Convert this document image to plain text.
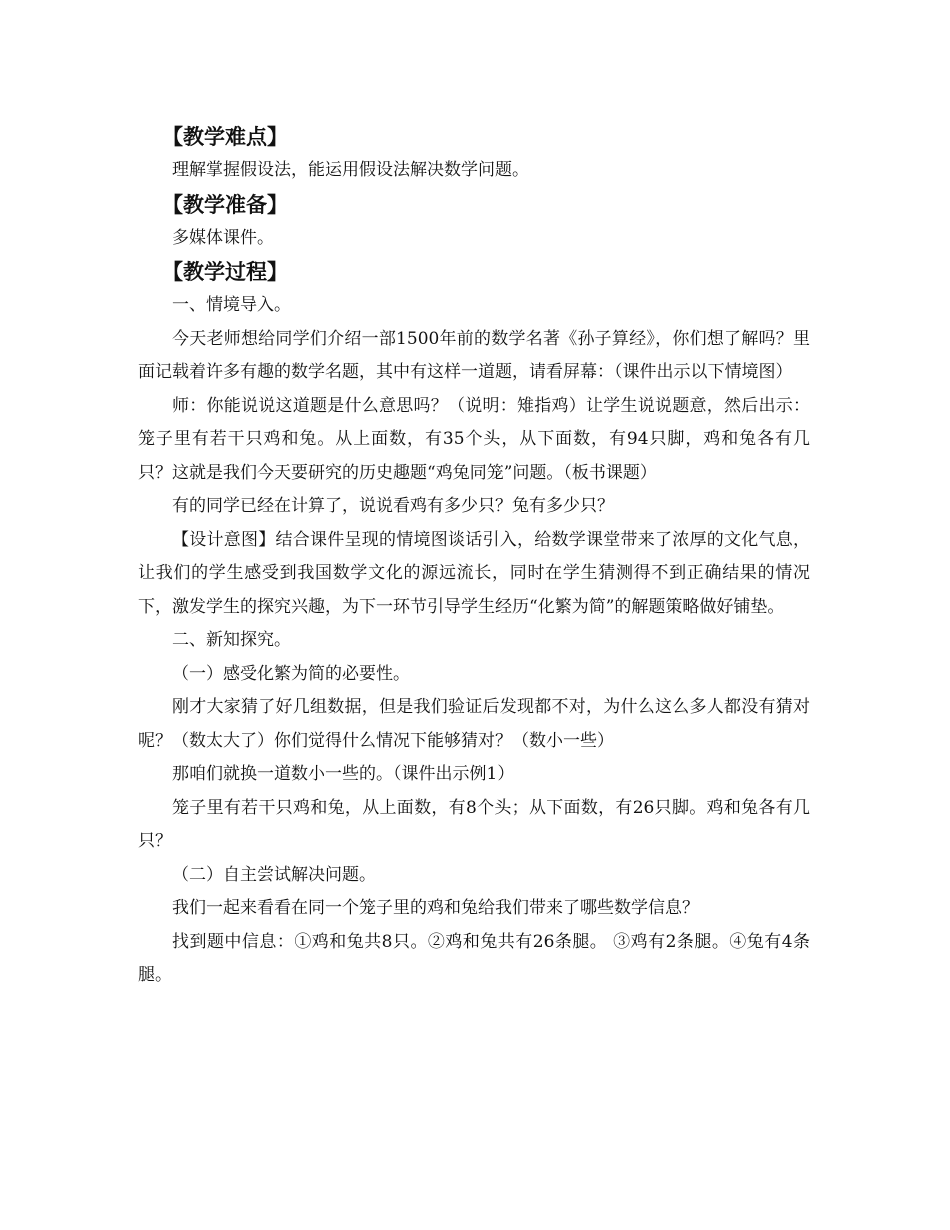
【教学难点】

理解掌握假设法，能运用假设法解决数学问题。

【教学准备】

多媒体课件。

【教学过程】

一、情境导入。

今天老师想给同学们介绍一部1500年前的数学名著《孙子算经》，你们想了解吗？里面记载着许多有趣的数学名题，其中有这样一道题，请看屏幕：（课件出示以下情境图）

师：你能说说这道题是什么意思吗？（说明：雉指鸡）让学生说说题意，然后出示：笼子里有若干只鸡和兔。从上面数，有35个头，从下面数，有94只脚，鸡和兔各有几只？这就是我们今天要研究的历史趣题“鸡兔同笼”问题。（板书课题）

有的同学已经在计算了，说说看鸡有多少只？兔有多少只？

【设计意图】结合课件呈现的情境图谈话引入，给数学课堂带来了浓厚的文化气息，让我们的学生感受到我国数学文化的源远流长，同时在学生猜测得不到正确结果的情况下，激发学生的探究兴趣，为下一环节引导学生经历“化繁为简”的解题策略做好铺垫。

二、新知探究。

（一）感受化繁为简的必要性。

刚才大家猜了好几组数据，但是我们验证后发现都不对，为什么这么多人都没有猜对呢？（数太大了）你们觉得什么情况下能够猜对？（数小一些）

那咱们就换一道数小一些的。（课件出示例1）

笼子里有若干只鸡和兔，从上面数，有8个头；从下面数，有26只脚。鸡和兔各有几只？

（二）自主尝试解决问题。

我们一起来看看在同一个笼子里的鸡和兔给我们带来了哪些数学信息？

找到题中信息：①鸡和兔共8只。②鸡和兔共有26条腿。 ③鸡有2条腿。④兔有4条腿。
